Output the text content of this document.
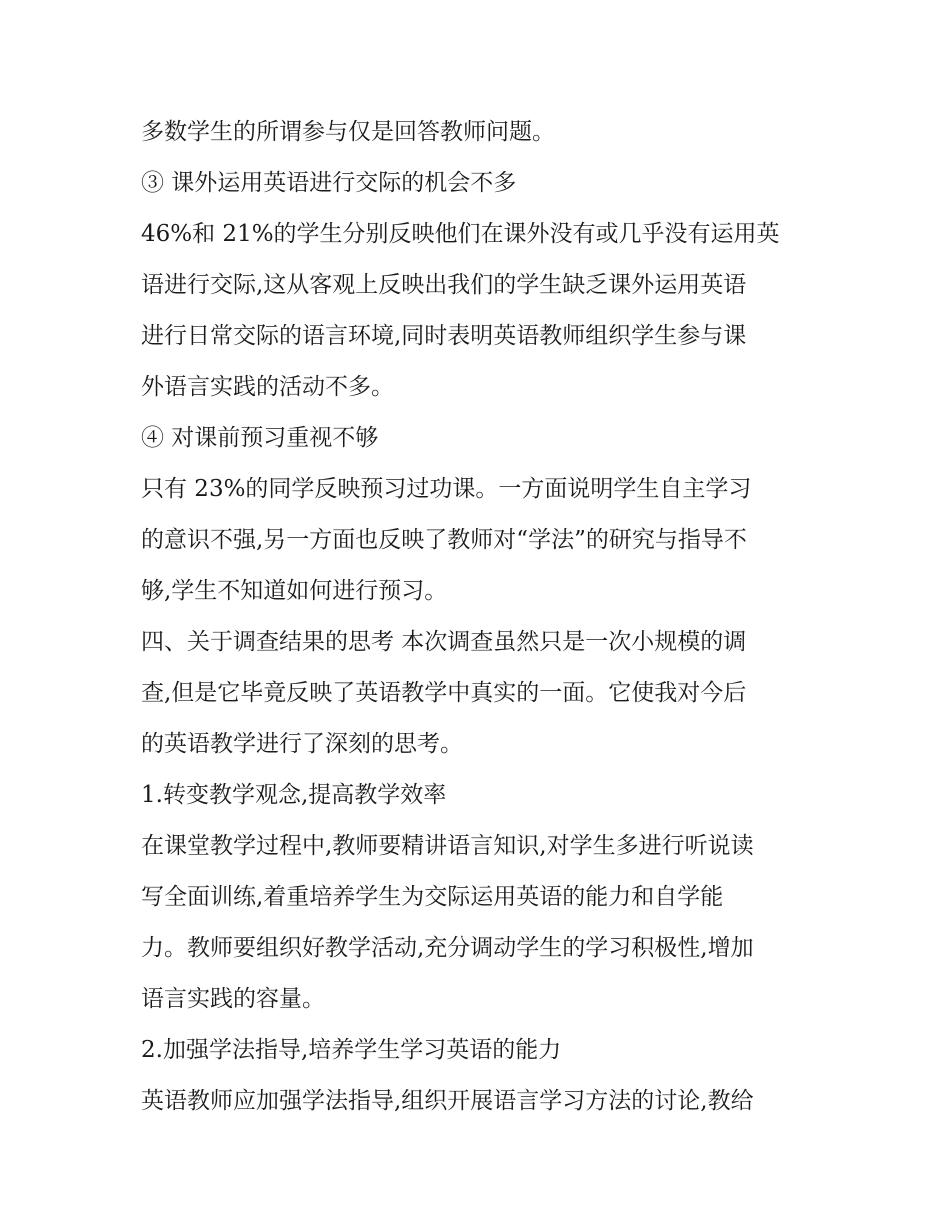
多数学生的所谓参与仅是回答教师问题。
③ 课外运用英语进行交际的机会不多
46%和 21%的学生分别反映他们在课外没有或几乎没有运用英
语进行交际,这从客观上反映出我们的学生缺乏课外运用英语
进行日常交际的语言环境,同时表明英语教师组织学生参与课
外语言实践的活动不多。
④ 对课前预习重视不够
只有 23%的同学反映预习过功课。一方面说明学生自主学习
的意识不强,另一方面也反映了教师对“学法”的研究与指导不
够,学生不知道如何进行预习。
四、关于调查结果的思考 本次调查虽然只是一次小规模的调
查,但是它毕竟反映了英语教学中真实的一面。它使我对今后
的英语教学进行了深刻的思考。
1.转变教学观念,提高教学效率
在课堂教学过程中,教师要精讲语言知识,对学生多进行听说读
写全面训练,着重培养学生为交际运用英语的能力和自学能
力。教师要组织好教学活动,充分调动学生的学习积极性,增加
语言实践的容量。
2.加强学法指导,培养学生学习英语的能力
英语教师应加强学法指导,组织开展语言学习方法的讨论,教给
